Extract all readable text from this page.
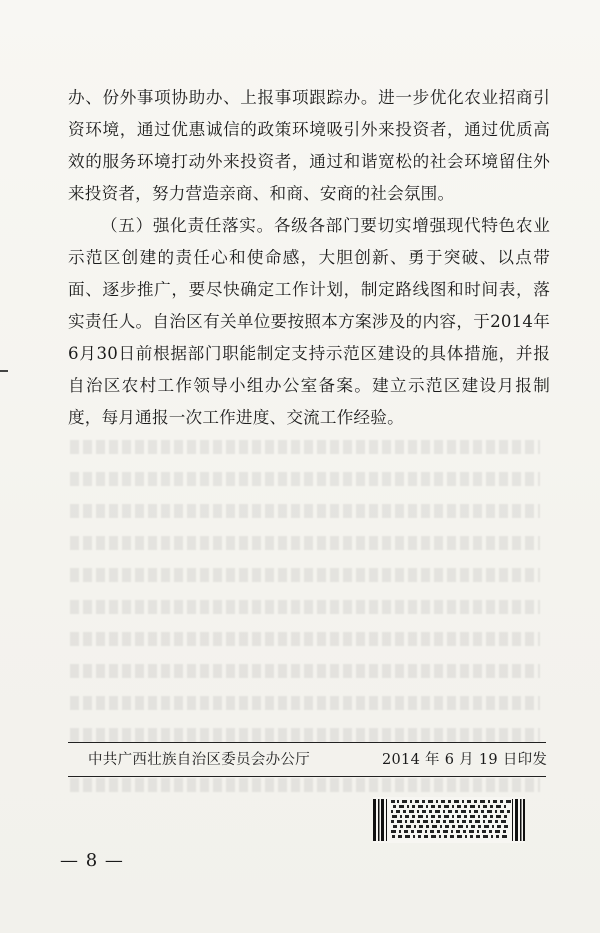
办、份外事项协助办、上报事项跟踪办。进一步优化农业招商引资环境，通过优惠诚信的政策环境吸引外来投资者，通过优质高效的服务环境打动外来投资者，通过和谐宽松的社会环境留住外来投资者，努力营造亲商、和商、安商的社会氛围。

（五）强化责任落实。各级各部门要切实增强现代特色农业示范区创建的责任心和使命感，大胆创新、勇于突破、以点带面、逐步推广，要尽快确定工作计划，制定路线图和时间表，落实责任人。自治区有关单位要按照本方案涉及的内容，于2014年6月30日前根据部门职能制定支持示范区建设的具体措施，并报自治区农村工作领导小组办公室备案。建立示范区建设月报制度，每月通报一次工作进度、交流工作经验。

中共广西壮族自治区委员会办公厅	2014 年 6 月 19 日印发
— 8 —
